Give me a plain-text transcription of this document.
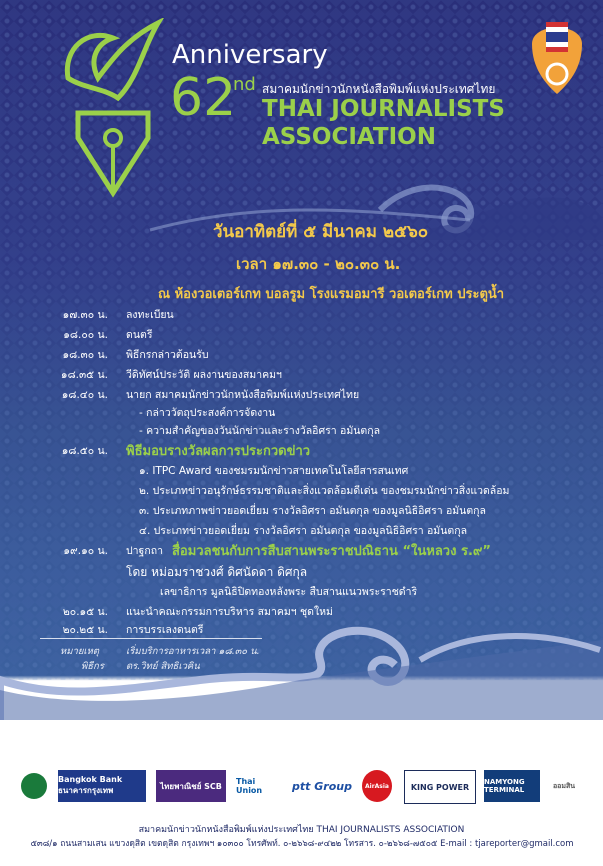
Anniversary
62
nd สมาคมนักข่าวนักหนังสือพิมพ์แห่งประเทศไทย
THAI JOURNALISTS
ASSOCIATION
วันอาทิตย์ที่ ๕ มีนาคม ๒๕๖๐
เวลา ๑๗.๓๐ - ๒๐.๓๐ น.
ณ ห้องวอเตอร์เกท บอลรูม โรงแรมอมารี วอเตอร์เกท ประตูน้ำ
๑๗.๓๐ น. ลงทะเบียน
๑๘.๐๐ น. ดนตรี
๑๘.๓๐ น. พิธีกรกล่าวต้อนรับ
๑๘.๓๕ น. วีดิทัศน์ประวัติ ผลงานของสมาคมฯ
๑๘.๔๐ น. นายก สมาคมนักข่าวนักหนังสือพิมพ์แห่งประเทศไทย
- กล่าววัตถุประสงค์การจัดงาน
- ความสำคัญของวันนักข่าวและรางวัลอิศรา อมันตกุล
๑๘.๕๐ น. พิธีมอบรางวัลผลการประกวดข่าว
๑. ITPC Award ของชมรมนักข่าวสายเทคโนโลยีสารสนเทศ
๒. ประเภทข่าวอนุรักษ์ธรรมชาติและสิ่งแวดล้อมดีเด่น ของชมรมนักข่าวสิ่งแวดล้อม
๓. ประเภทภาพข่าวยอดเยี่ยม รางวัลอิศรา อมันตกุล ของมูลนิธิอิศรา อมันตกุล
๔. ประเภทข่าวยอดเยี่ยม รางวัลอิศรา อมันตกุล ของมูลนิธิอิศรา อมันตกุล
๑๙.๑๐ น. ปาฐกถา สื่อมวลชนกับการสืบสานพระราชปณิธาน “ในหลวง ร.๙”
โดย หม่อมราชวงศ์ ดิศนัดดา ดิศกุล
เลขาธิการ มูลนิธิปิดทองหลังพระ สืบสานแนวพระราชดำริ
๒๐.๑๕ น. แนะนำคณะกรรมการบริหาร สมาคมฯ ชุดใหม่
๒๐.๒๕ น. การบรรเลงดนตรี
หมายเหตุ	เริ่มบริการอาหารเวลา ๑๘.๓๐ น.
พิธีกร ดร.วิทย์ สิทธิเวคิน
Bangkok Bank ธนาคารกรุงเทพ	ไทยพาณิชย์ SCB	Thai Union	ptt Group	AirAsia	KING POWER
NAMYONG TERMINAL
ออมสิน
สมาคมนักข่าวนักหนังสือพิมพ์แห่งประเทศไทย THAI JOURNALISTS ASSOCIATION
๕๓๘/๑ ถนนสามเสน แขวงดุสิต เขตดุสิต กรุงเทพฯ ๑๐๓๐๐ โทรศัพท์. ๐-๒๖๖๘-๙๔๒๒ โทรสาร. ๐-๒๖๖๘-๗๕๐๕ E-mail : tjareporter@gmail.com
